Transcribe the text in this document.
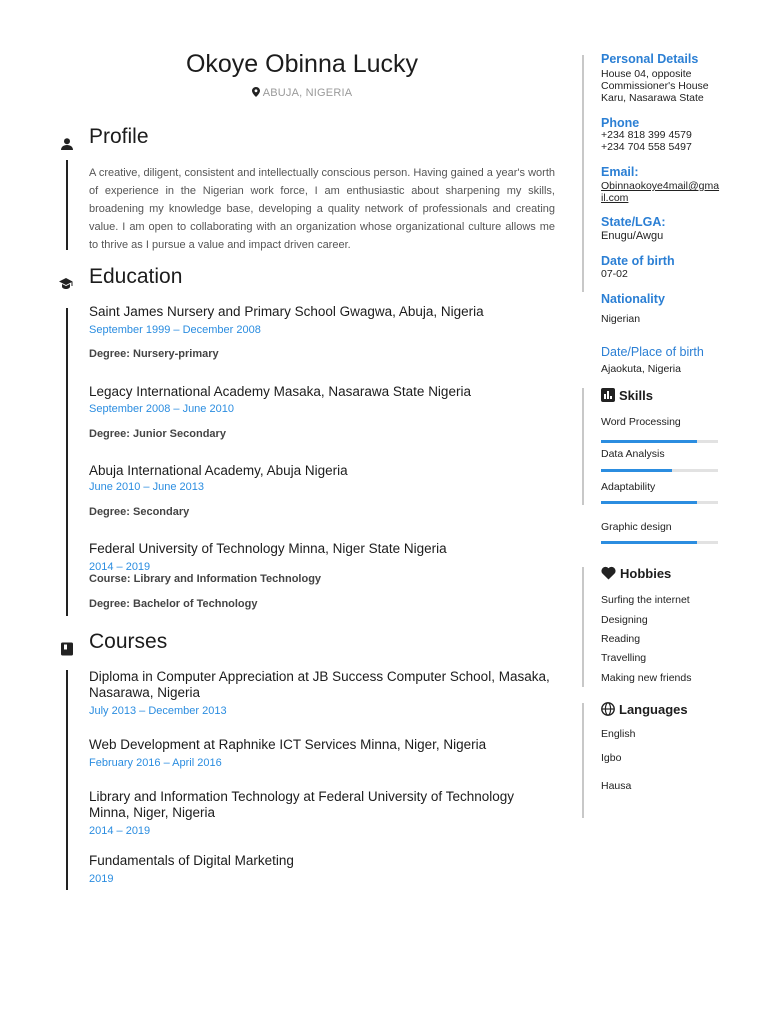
Okoye Obinna Lucky
ABUJA, NIGERIA
Profile
A creative, diligent, consistent and intellectually conscious person. Having gained a year's worth of experience in the Nigerian work force, I am enthusiastic about sharpening my skills, broadening my knowledge base, developing a quality network of professionals and creating value. I am open to collaborating with an organization whose organizational culture allows me to thrive as I pursue a value and impact driven career.
Education
Saint James Nursery and Primary School Gwagwa, Abuja, Nigeria
September 1999 – December 2008
Degree: Nursery-primary
Legacy International Academy Masaka, Nasarawa State Nigeria
September 2008 – June 2010
Degree: Junior Secondary
Abuja International Academy, Abuja Nigeria
June 2010 – June 2013
Degree: Secondary
Federal University of Technology Minna, Niger State Nigeria
2014 – 2019
Course: Library and Information Technology
Degree: Bachelor of Technology
Courses
Diploma in Computer Appreciation at JB Success Computer School, Masaka, Nasarawa, Nigeria
July 2013 – December 2013
Web Development at Raphnike ICT Services Minna, Niger, Nigeria
February 2016 – April 2016
Library and Information Technology at Federal University of Technology Minna, Niger, Nigeria
2014 – 2019
Fundamentals of Digital Marketing
2019
Personal Details
House 04, opposite Commissioner's House Karu, Nasarawa State
Phone
+234 818 399 4579
+234 704 558 5497
Email:
Obinnaokoye4mail@gmail.com
State/LGA:
Enugu/Awgu
Date of birth
07-02
Nationality
Nigerian
Date/Place of birth
Ajaokuta, Nigeria
Skills
Word Processing
Data Analysis
Adaptability
Graphic design
Hobbies
Surfing the internet
Designing
Reading
Travelling
Making new friends
Languages
English
Igbo
Hausa
